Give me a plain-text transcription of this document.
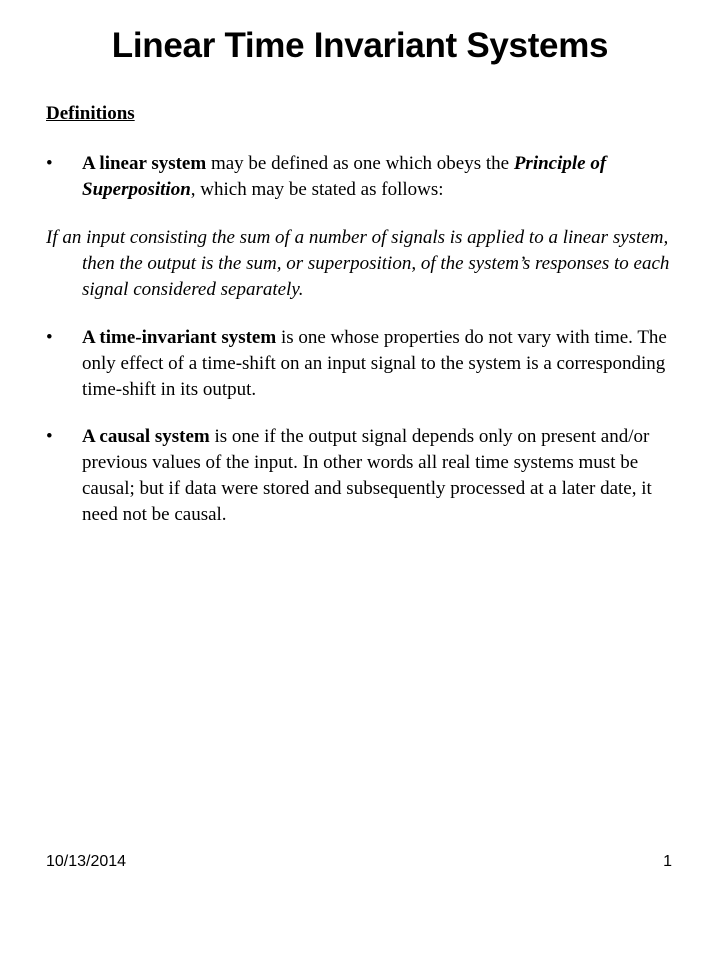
Linear Time Invariant Systems
Definitions
• A linear system may be defined as one which obeys the Principle of Superposition, which may be stated as follows:

If an input consisting the sum of a number of signals is applied to a linear system, then the output is the sum, or superposition, of the system’s responses to each signal considered separately.

• A time-invariant system is one whose properties do not vary with time. The only effect of a time-shift on an input signal to the system is a corresponding time-shift in its output.

• A causal system is one if the output signal depends only on present and/or previous values of the input. In other words all real time systems must be causal; but if data were stored and subsequently processed at a later date, it need not be causal.

10/13/2014	1
